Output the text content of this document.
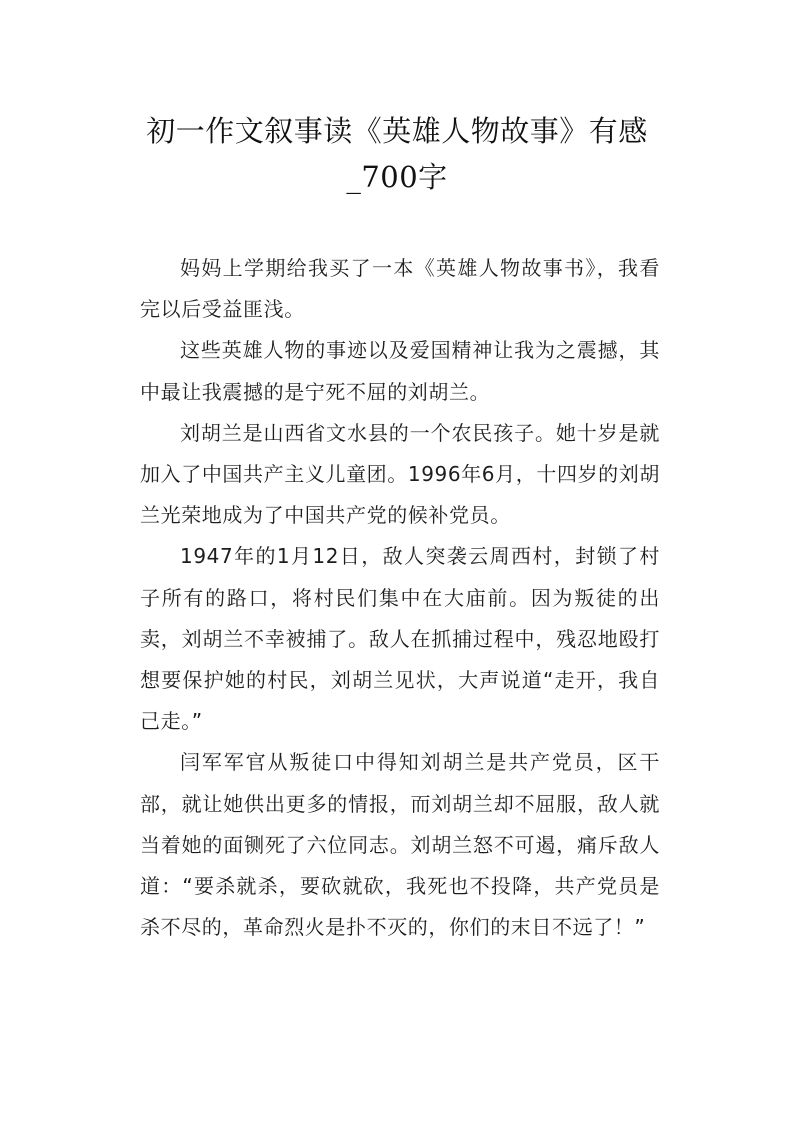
初一作文叙事读《英雄人物故事》有感_700字

妈妈上学期给我买了一本《英雄人物故事书》，我看完以后受益匪浅。

这些英雄人物的事迹以及爱国精神让我为之震撼，其中最让我震撼的是宁死不屈的刘胡兰。

刘胡兰是山西省文水县的一个农民孩子。她十岁是就加入了中国共产主义儿童团。1996年6月，十四岁的刘胡兰光荣地成为了中国共产党的候补党员。

1947年的1月12日，敌人突袭云周西村，封锁了村子所有的路口，将村民们集中在大庙前。因为叛徒的出卖，刘胡兰不幸被捕了。敌人在抓捕过程中，残忍地殴打想要保护她的村民，刘胡兰见状，大声说道“走开，我自己走。”

闫军军官从叛徒口中得知刘胡兰是共产党员，区干部，就让她供出更多的情报，而刘胡兰却不屈服，敌人就当着她的面铡死了六位同志。刘胡兰怒不可遏，痛斥敌人道：“要杀就杀，要砍就砍，我死也不投降，共产党员是杀不尽的，革命烈火是扑不灭的，你们的末日不远了！”
